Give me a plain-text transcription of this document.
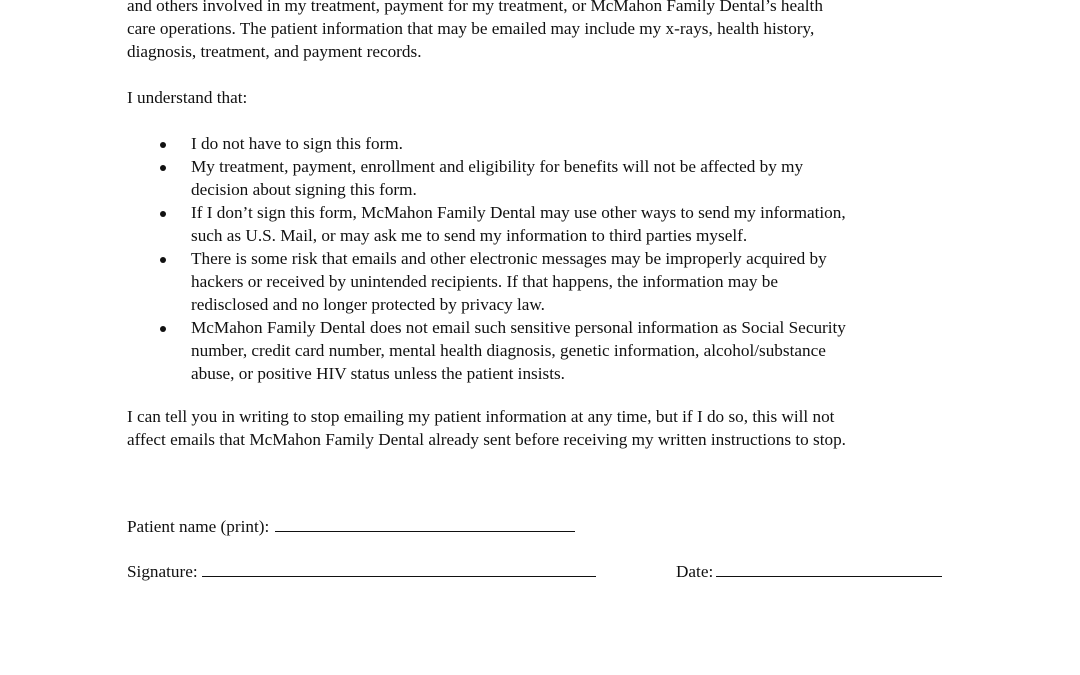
and others involved in my treatment, payment for my treatment, or McMahon Family Dental’s health
care operations. The patient information that may be emailed may include my x-rays, health history,
diagnosis, treatment, and payment records.

I understand that:

I do not have to sign this form.
My treatment, payment, enrollment and eligibility for benefits will not be affected by my
decision about signing this form.
If I don’t sign this form, McMahon Family Dental may use other ways to send my information,
such as U.S. Mail, or may ask me to send my information to third parties myself.
There is some risk that emails and other electronic messages may be improperly acquired by
hackers or received by unintended recipients. If that happens, the information may be
redisclosed and no longer protected by privacy law.
McMahon Family Dental does not email such sensitive personal information as Social Security
number, credit card number, mental health diagnosis, genetic information, alcohol/substance
abuse, or positive HIV status unless the patient insists.

I can tell you in writing to stop emailing my patient information at any time, but if I do so, this will not
affect emails that McMahon Family Dental already sent before receiving my written instructions to stop.

Patient name (print):
Signature:	Date:
